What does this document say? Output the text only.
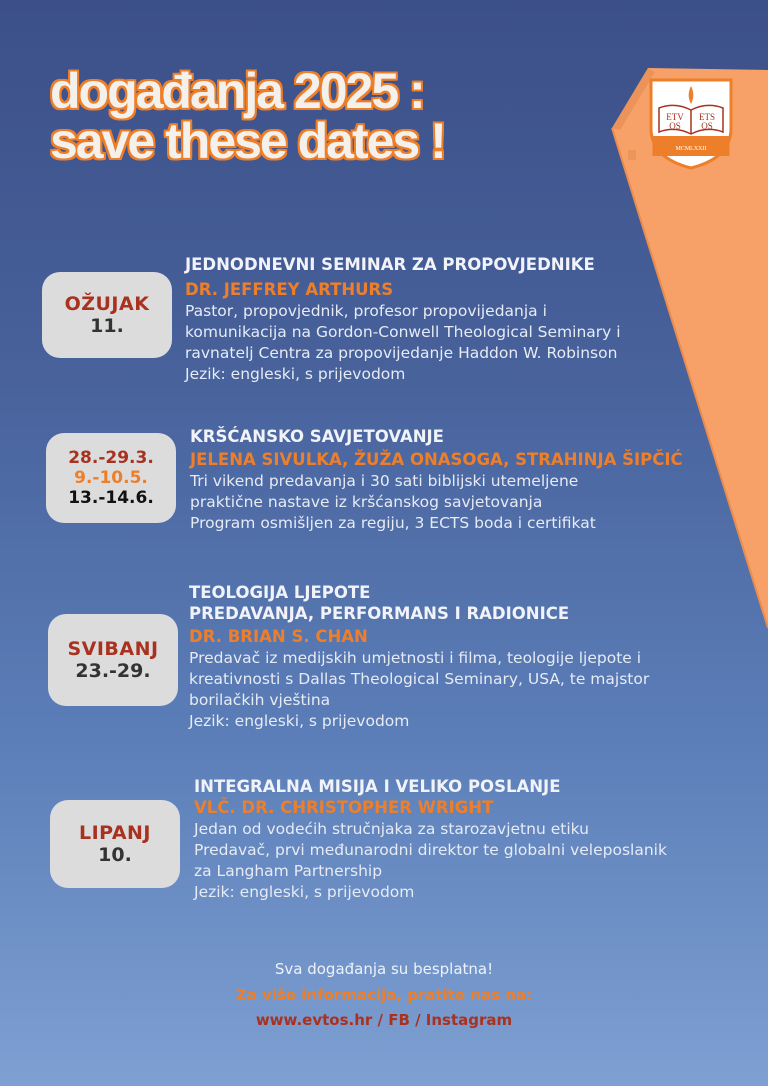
događanja 2025 :
save these dates !	ETV
OS
ETS
OS
MCMLXXII
OŽUJAK
11.
JEDNODNEVNI SEMINAR ZA PROPOVJEDNIKE
DR. JEFFREY ARTHURS
Pastor, propovjednik, profesor propovijedanja i
komunikacija na Gordon-Conwell Theological Seminary i
ravnatelj Centra za propovijedanje Haddon W. Robinson
Jezik: engleski, s prijevodom
28.-29.3.
9.-10.5.
13.-14.6.
KRŠĆANSKO SAVJETOVANJE
JELENA SIVULKA, ŽUŽA ONASOGA, STRAHINJA ŠIPČIĆ
Tri vikend predavanja i 30 sati biblijski utemeljene
praktične nastave iz kršćanskog savjetovanja
Program osmišljen za regiju, 3 ECTS boda i certifikat
SVIBANJ
23.-29.
TEOLOGIJA LJEPOTE
PREDAVANJA, PERFORMANS I RADIONICE
DR. BRIAN S. CHAN
Predavač iz medijskih umjetnosti i filma, teologije ljepote i
kreativnosti s Dallas Theological Seminary, USA, te majstor
borilačkih vještina
Jezik: engleski, s prijevodom
LIPANJ
10.
INTEGRALNA MISIJA I VELIKO POSLANJE
VLČ. DR. CHRISTOPHER WRIGHT
Jedan od vodećih stručnjaka za starozavjetnu etiku
Predavač, prvi međunarodni direktor te globalni veleposlanik
za Langham Partnership
Jezik: engleski, s prijevodom
Sva događanja su besplatna!
Za više informacija, pratite nas na:
www.evtos.hr / FB / Instagram
